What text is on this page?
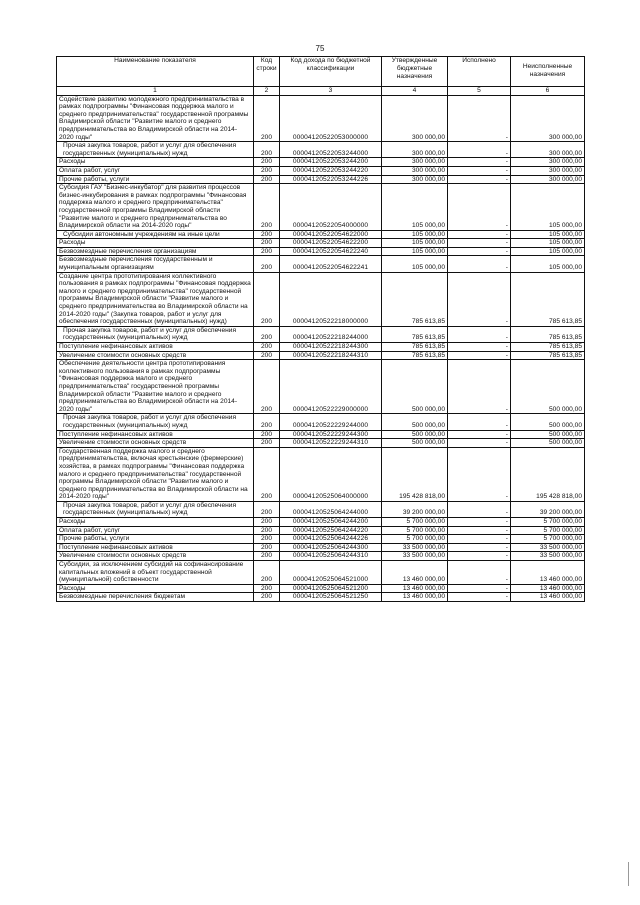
75
Наименование показателя	Код строки	Код дохода по бюджетной классификации	Утвержденные бюджетные назначения	Исполнено	Неисполненные назначения
1	2	3	4	5	6
Содействие развитию молодежного предпринимательства в рамках подпрограммы "Финансовая поддержка малого и среднего предпринимательства" государственной программы Владимирской области "Развитие малого и среднего предпринимательства во Владимирской области на 2014-2020 годы"	200	00004120522053000000	300 000,00	-	300 000,00
Прочая закупка товаров, работ и услуг для обеспечения государственных (муниципальных) нужд	200	00004120522053244000	300 000,00	-	300 000,00
Расходы	200	00004120522053244200	300 000,00	-	300 000,00
Оплата работ, услуг	200	00004120522053244220	300 000,00	-	300 000,00
Прочие работы, услуги	200	00004120522053244226	300 000,00	-	300 000,00
Субсидия ГАУ "Бизнес-инкубатор" для развития процессов бизнес-инкубирования в рамках подпрограммы "Финансовая поддержка малого и среднего предпринимательства" государственной программы Владимирской области "Развитие малого и среднего предпринимательства во Владимирской области на 2014-2020 годы"	200	00004120522054000000	105 000,00	-	105 000,00
Субсидии автономным учреждениям на иные цели	200	00004120522054622000	105 000,00	-	105 000,00
Расходы	200	00004120522054622200	105 000,00	-	105 000,00
Безвозмездные перечисления организациям	200	00004120522054622240	105 000,00	-	105 000,00
Безвозмездные перечисления государственным и муниципальным организациям	200	00004120522054622241	105 000,00	-	105 000,00
Создание центра прототипирования коллективного пользования в рамках подпрограммы "Финансовая поддержка малого и среднего предпринимательства" государственной программы Владимирской области "Развитие малого и среднего предпринимательства во Владимирской области на 2014-2020 годы" (Закупка товаров, работ и услуг для обеспечения государственных (муниципальных) нужд)	200	00004120522218000000	785 613,85	-	785 613,85
Прочая закупка товаров, работ и услуг для обеспечения государственных (муниципальных) нужд	200	00004120522218244000	785 613,85	-	785 613,85
Поступление нефинансовых активов	200	00004120522218244300	785 613,85	-	785 613,85
Увеличение стоимости основных средств	200	00004120522218244310	785 613,85	-	785 613,85
Обеспечение деятельности центра прототипирования коллективного пользования в рамках подпрограммы "Финансовая поддержка малого и среднего предпринимательства" государственной программы Владимирской области "Развитие малого и среднего предпринимательства во Владимирской области на 2014-2020 годы"	200	00004120522229000000	500 000,00	-	500 000,00
Прочая закупка товаров, работ и услуг для обеспечения государственных (муниципальных) нужд	200	00004120522229244000	500 000,00	-	500 000,00
Поступление нефинансовых активов	200	00004120522229244300	500 000,00	-	500 000,00
Увеличение стоимости основных средств	200	00004120522229244310	500 000,00	-	500 000,00
Государственная поддержка малого и среднего предпринимательства, включая крестьянские (фермерские) хозяйства, в рамках подпрограммы "Финансовая поддержка малого и среднего предпринимательства" государственной программы Владимирской области "Развитие малого и среднего предпринимательства во Владимирской области на 2014-2020 годы"	200	00004120525064000000	195 428 818,00	-	195 428 818,00
Прочая закупка товаров, работ и услуг для обеспечения государственных (муниципальных) нужд	200	00004120525064244000	39 200 000,00	-	39 200 000,00
Расходы	200	00004120525064244200	5 700 000,00	-	5 700 000,00
Оплата работ, услуг	200	00004120525064244220	5 700 000,00	-	5 700 000,00
Прочие работы, услуги	200	00004120525064244226	5 700 000,00	-	5 700 000,00
Поступление нефинансовых активов	200	00004120525064244300	33 500 000,00	-	33 500 000,00
Увеличение стоимости основных средств	200	00004120525064244310	33 500 000,00	-	33 500 000,00
Субсидии, за исключением субсидий на софинансирование капитальных вложений в объект государственной (муниципальной) собственности	200	00004120525064521000	13 460 000,00	-	13 460 000,00
Расходы	200	00004120525064521200	13 460 000,00	-	13 460 000,00
Безвозмездные перечисления бюджетам	200	00004120525064521250	13 460 000,00	-	13 460 000,00
